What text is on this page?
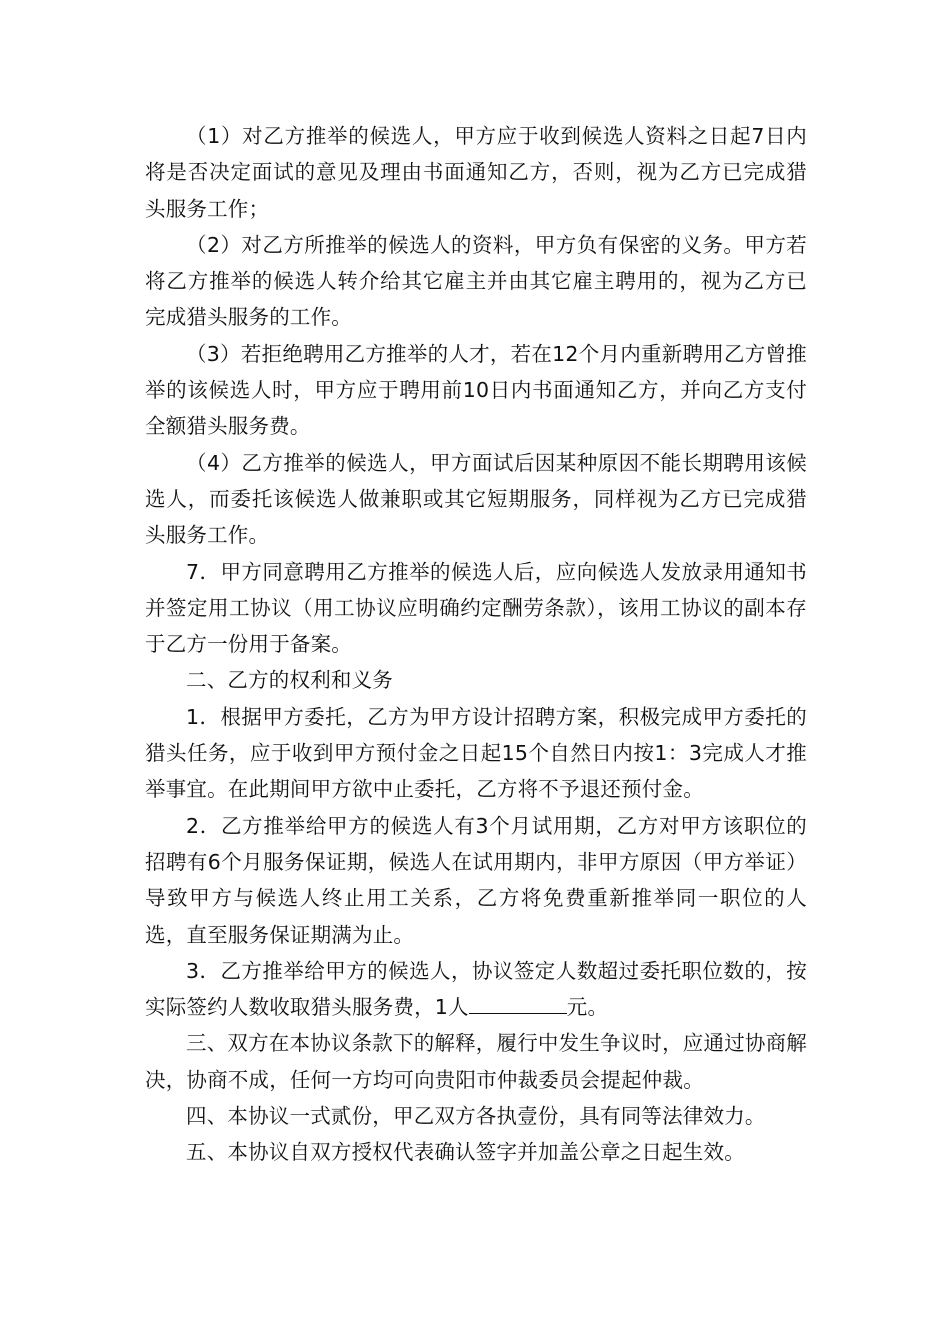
（1）对乙方推举的候选人，甲方应于收到候选人资料之日起7日内将是否决定面试的意见及理由书面通知乙方，否则，视为乙方已完成猎头服务工作；

（2）对乙方所推举的候选人的资料，甲方负有保密的义务。甲方若将乙方推举的候选人转介给其它雇主并由其它雇主聘用的，视为乙方已完成猎头服务的工作。

（3）若拒绝聘用乙方推举的人才，若在12个月内重新聘用乙方曾推举的该候选人时，甲方应于聘用前10日内书面通知乙方，并向乙方支付全额猎头服务费。

（4）乙方推举的候选人，甲方面试后因某种原因不能长期聘用该候选人，而委托该候选人做兼职或其它短期服务，同样视为乙方已完成猎头服务工作。

7．甲方同意聘用乙方推举的候选人后，应向候选人发放录用通知书并签定用工协议（用工协议应明确约定酬劳条款），该用工协议的副本存于乙方一份用于备案。

二、乙方的权利和义务

1．根据甲方委托，乙方为甲方设计招聘方案，积极完成甲方委托的猎头任务，应于收到甲方预付金之日起15个自然日内按1：3完成人才推举事宜。在此期间甲方欲中止委托，乙方将不予退还预付金。

2．乙方推举给甲方的候选人有3个月试用期，乙方对甲方该职位的招聘有6个月服务保证期，候选人在试用期内，非甲方原因（甲方举证）导致甲方与候选人终止用工关系，乙方将免费重新推举同一职位的人选，直至服务保证期满为止。

3．乙方推举给甲方的候选人，协议签定人数超过委托职位数的，按实际签约人数收取猎头服务费，1人	元。

三、双方在本协议条款下的解释，履行中发生争议时，应通过协商解决，协商不成，任何一方均可向贵阳市仲裁委员会提起仲裁。

四、本协议一式贰份，甲乙双方各执壹份，具有同等法律效力。

五、本协议自双方授权代表确认签字并加盖公章之日起生效。
